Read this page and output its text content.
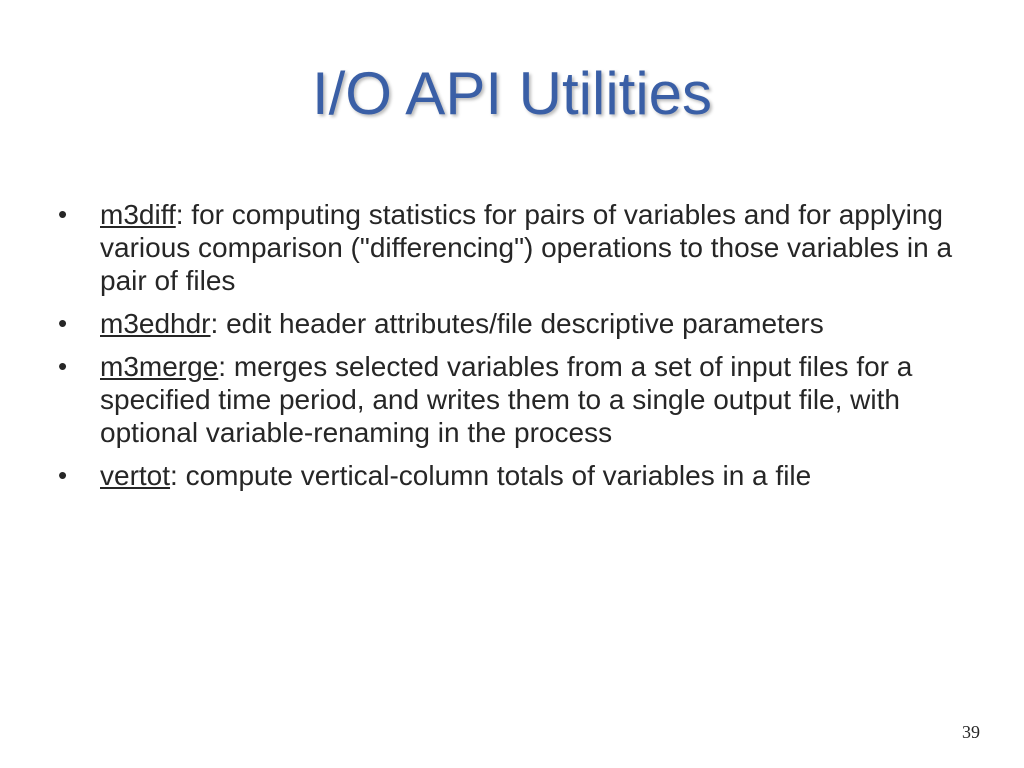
I/O API Utilities
•	m3diff: for computing statistics for pairs of variables and for applying various comparison ("differencing") operations to those variables in a pair of files
•	m3edhdr: edit header attributes/file descriptive parameters
•	m3merge: merges selected variables from a set of input files for a specified time period, and writes them to a single output file, with optional variable-renaming in the process
•	vertot: compute vertical-column totals of variables in a file
39
